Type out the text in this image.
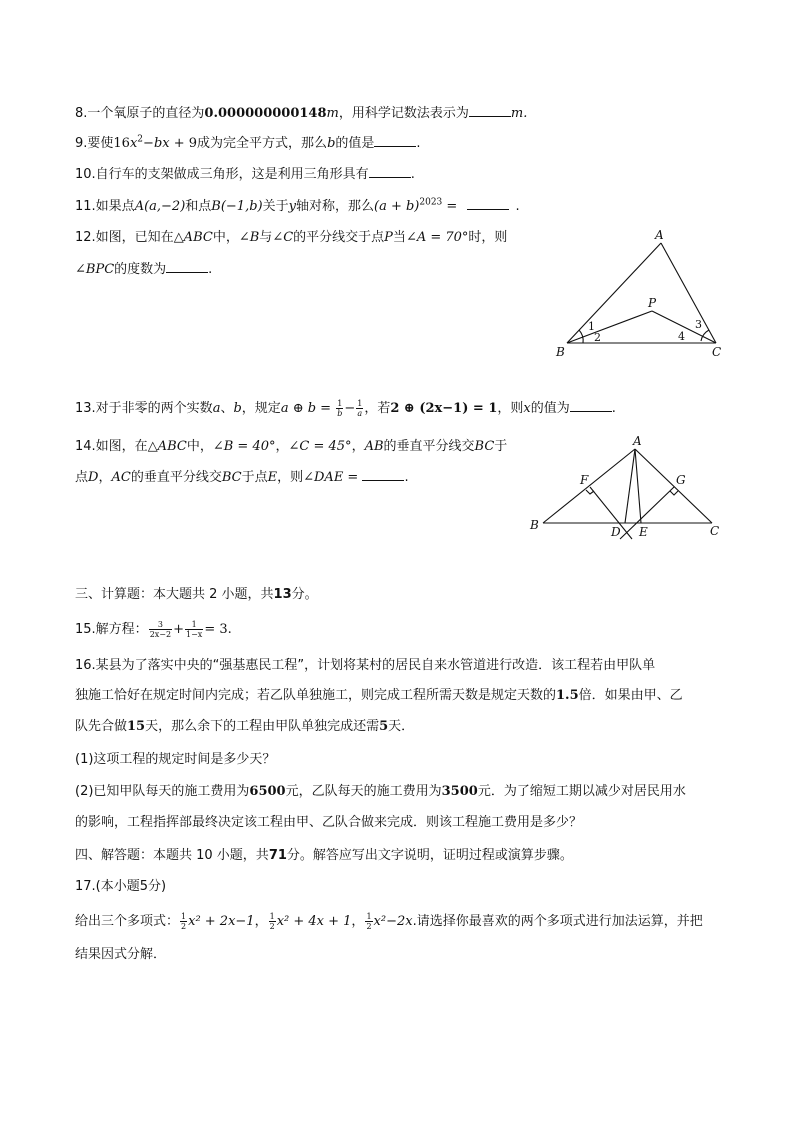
8.一个氧原子的直径为0.000000000148m，用科学记数法表示为	m.
9.要使$16x^2-bx + 9$成为完全平方式，那么b的值是	.
10.自行车的支架做成三角形，这是利用三角形具有	.
11.如果点A(a,−2)和点B(−1,b)关于y轴对称，那么$(a + b)^{2023}$ =	.
12.如图，已知在△ABC中，∠B与∠C的平分线交于点P当∠A = 70°时，则
∠BPC的度数为	.
A
B	C
P
1
2
3
4
13.对于非零的两个实数a、b，规定a ⊕ $b = \frac{1}{b} - \frac{1}{a}$ ，若2 ⊕ (2x−1) = 1，则x的值为	.
14.如图，在△ABC中，∠B = 40°，∠C = 45°，AB的垂直平分线交BC于
点D，AC的垂直平分线交BC于点E，则∠DAE =	.
A
B	C
D E
F	G
三、计算题：本大题共 2 小题，共13分。
15.解方程： $\frac{3}{2x-2} + \frac{1}{1-x} = 3$.
16.某县为了落实中央的“强基惠民工程”，计划将某村的居民自来水管道进行改造．该工程若由甲队单
独施工恰好在规定时间内完成；若乙队单独施工，则完成工程所需天数是规定天数的1.5倍．如果由甲、乙
队先合做15天，那么余下的工程由甲队单独完成还需5天．
(1)这项工程的规定时间是多少天？
(2)已知甲队每天的施工费用为6500元，乙队每天的施工费用为3500元．为了缩短工期以减少对居民用水
的影响，工程指挥部最终决定该工程由甲、乙队合做来完成．则该工程施工费用是多少？
四、解答题：本题共 10 小题，共71分。解答应写出文字说明，证明过程或演算步骤。
17.(本小题5分)
给出三个多项式： $\frac{1}{2} x^2 + 2x-1$， $\frac{1}{2} x^2 + 4x + 1$， $\frac{1}{2} x^2-2x$.请选择你最喜欢的两个多项式进行加法运算，并把
结果因式分解．
